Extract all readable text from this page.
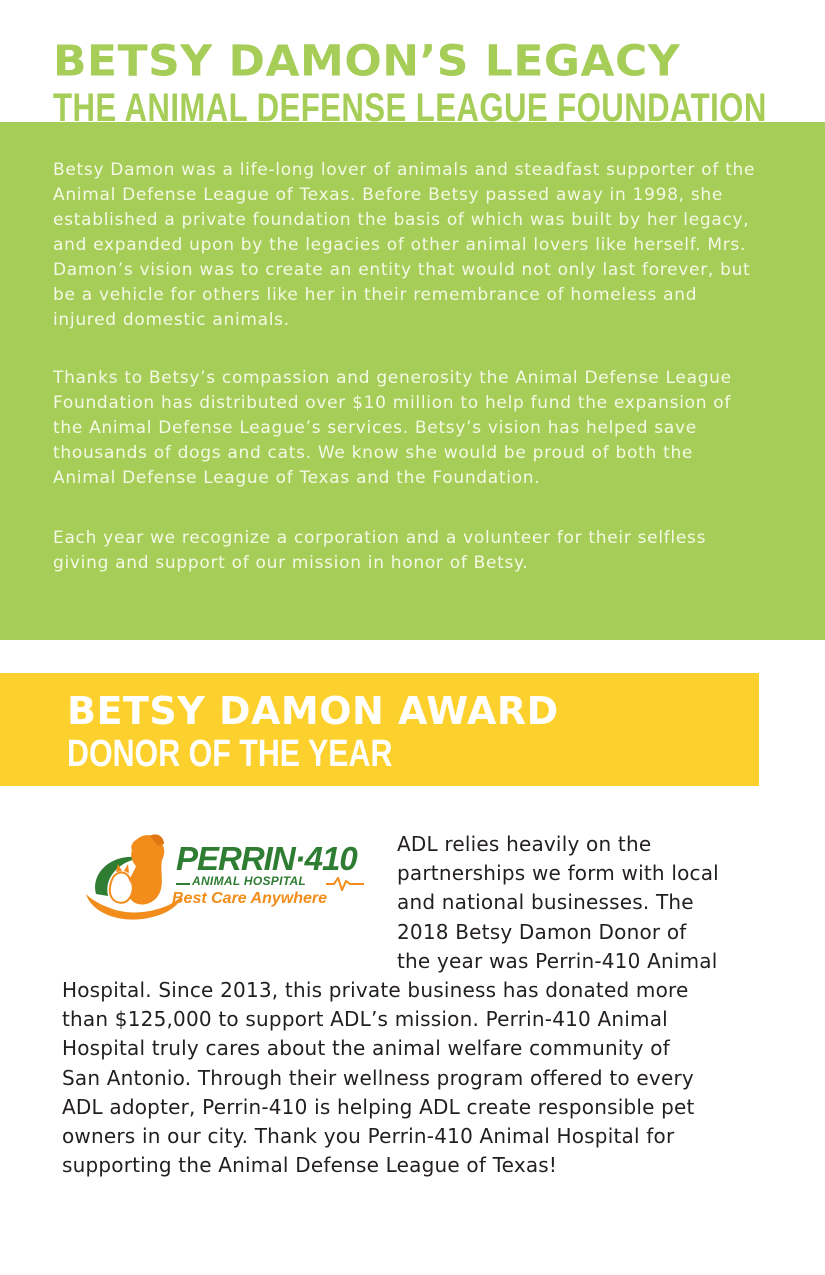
BETSY DAMON’S LEGACY

Betsy Damon was a life-long lover of animals and steadfast supporter of the Animal Defense League of Texas. Before Betsy passed away in 1998, she established a private foundation the basis of which was built by her legacy, and expanded upon by the legacies of other animal lovers like herself. Mrs. Damon’s vision was to create an entity that would not only last forever, but be a vehicle for others like her in their remembrance of homeless and injured domestic animals.

Thanks to Betsy’s compassion and generosity the Animal Defense League Foundation has distributed over $10 million to help fund the expansion of the Animal Defense League’s services. Betsy’s vision has helped save thousands of dogs and cats. We know she would be proud of both the Animal Defense League of Texas and the Foundation.

Each year we recognize a corporation and a volunteer for their selfless giving and support of our mission in honor of Betsy.

THE ANIMAL DEFENSE LEAGUE FOUNDATION
BETSY DAMON AWARD
DONOR OF THE YEAR
PERRIN·410
ANIMAL HOSPITAL
Best Care Anywhere
ADL relies heavily on the
partnerships we form with local
and national businesses. The
2018 Betsy Damon Donor of
the year was Perrin-410 Animal
Hospital. Since 2013, this private business has donated more
than $125,000 to support ADL’s mission. Perrin-410 Animal
Hospital truly cares about the animal welfare community of
San Antonio. Through their wellness program offered to every
ADL adopter, Perrin-410 is helping ADL create responsible pet
owners in our city. Thank you Perrin-410 Animal Hospital for
supporting the Animal Defense League of Texas!
